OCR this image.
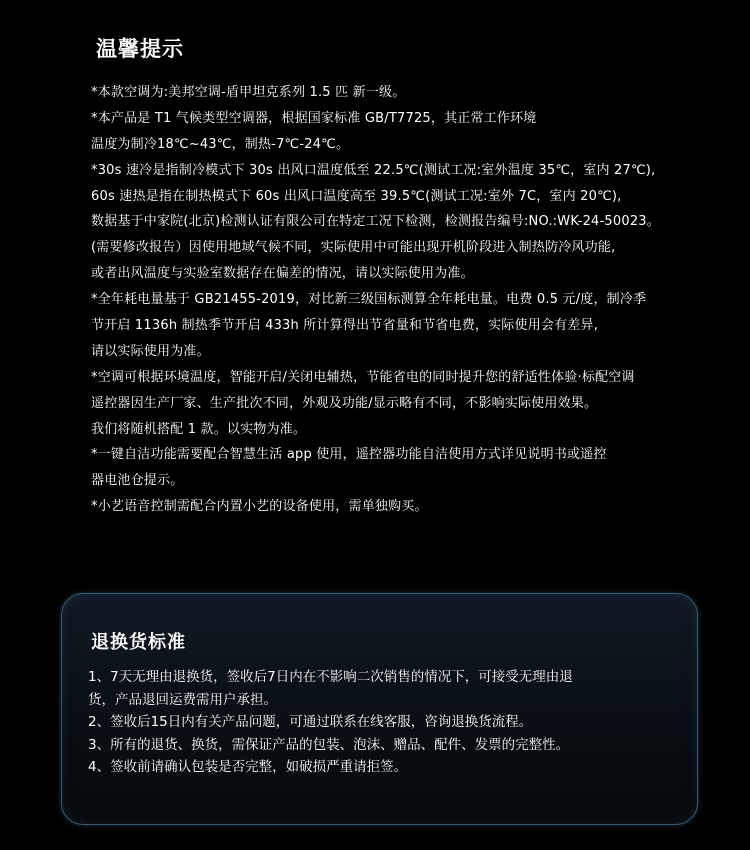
温馨提示
*本款空调为:美邦空调-盾甲坦克系列 1.5 匹 新一级。
*本产品是 T1 气候类型空调器，根据国家标准 GB/T7725，其正常工作环境
温度为制冷18℃~43℃，制热-7℃-24℃。
*30s 速冷是指制冷模式下 30s 出风口温度低至 22.5℃(测试工况:室外温度 35℃，室内 27℃),
60s 速热是指在制热模式下 60s 出风口温度高至 39.5℃(测试工况:室外 7C，室内 20℃),
数据基于中家院(北京)检测认证有限公司在特定工况下检测，检测报告编号:NO.:WK-24-50023。
(需要修改报告）因使用地域气候不同，实际使用中可能出现开机阶段进入制热防冷风功能,
或者出风温度与实验室数据存在偏差的情况，请以实际使用为准。
*全年耗电量基于 GB21455-2019，对比新三级国标测算全年耗电量。电费 0.5 元/度，制冷季
节开启 1136h 制热季节开启 433h 所计算得出节省量和节省电费，实际使用会有差异,
请以实际使用为准。
*空调可根据环境温度，智能开启/关闭电辅热，节能省电的同时提升您的舒适性体验·标配空调
遥控器因生产厂家、生产批次不同，外观及功能/显示略有不同，不影响实际使用效果。
我们将随机搭配 1 款。以实物为准。
*一键自洁功能需要配合智慧生活 app 使用，遥控器功能自洁使用方式详见说明书或遥控
器电池仓提示。
*小艺语音控制需配合内置小艺的设备使用，需单独购买。
退换货标准
1、7天无理由退换货，签收后7日内在不影响二次销售的情况下，可接受无理由退
货，产品退回运费需用户承担。
2、签收后15日内有关产品问题，可通过联系在线客服，咨询退换货流程。
3、所有的退货、换货，需保证产品的包装、泡沫、赠品、配件、发票的完整性。
4、签收前请确认包装是否完整，如破损严重请拒签。
